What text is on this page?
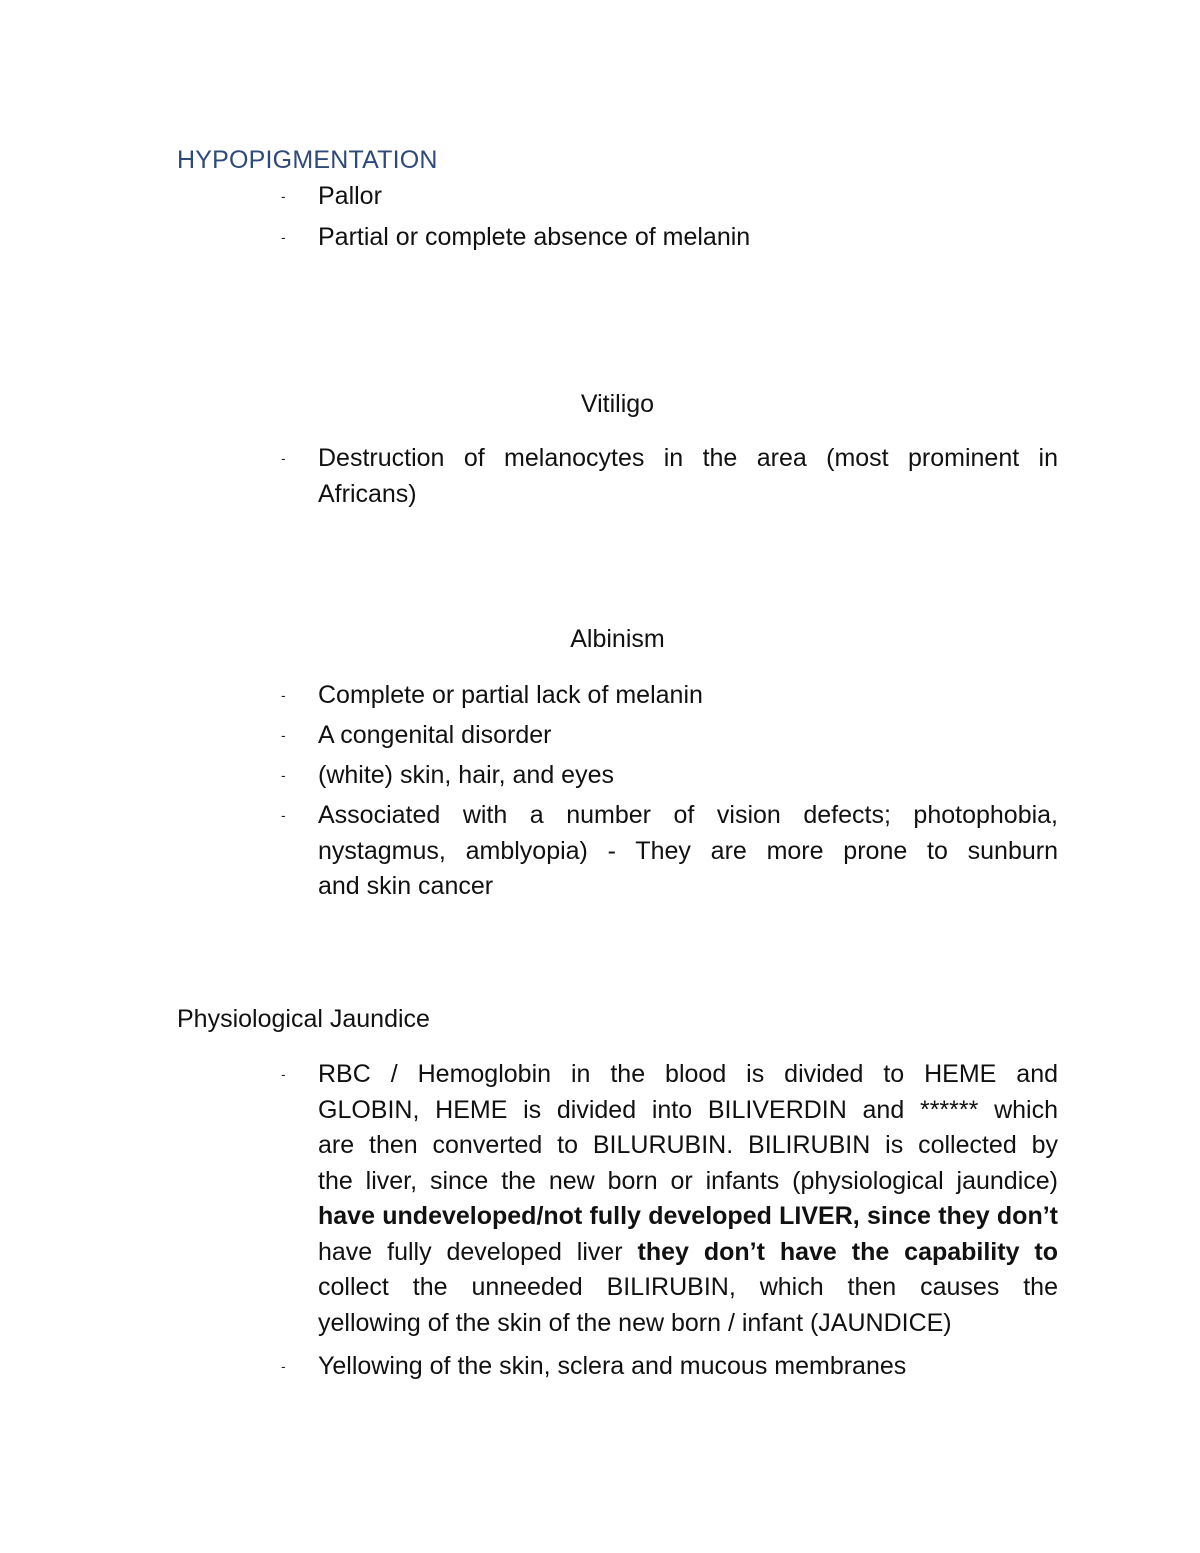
HYPOPIGMENTATION
- Pallor
- Partial or complete absence of melanin
Vitiligo
- Destruction of melanocytes in the area (most prominent in
Africans)
Albinism
- Complete or partial lack of melanin
- A congenital disorder
- (white) skin, hair, and eyes
- Associated with a number of vision defects; photophobia,
nystagmus, amblyopia) - They are more prone to sunburn
and skin cancer
Physiological Jaundice
- RBC / Hemoglobin in the blood is divided to HEME and
GLOBIN, HEME is divided into BILIVERDIN and ****** which
are then converted to BILURUBIN. BILIRUBIN is collected by
the liver, since the new born or infants (physiological jaundice)
have undeveloped/not fully developed LIVER, since they don’t
have fully developed liver they don’t have the capability to
collect the unneeded BILIRUBIN, which then causes the
yellowing of the skin of the new born / infant (JAUNDICE)
- Yellowing of the skin, sclera and mucous membranes
